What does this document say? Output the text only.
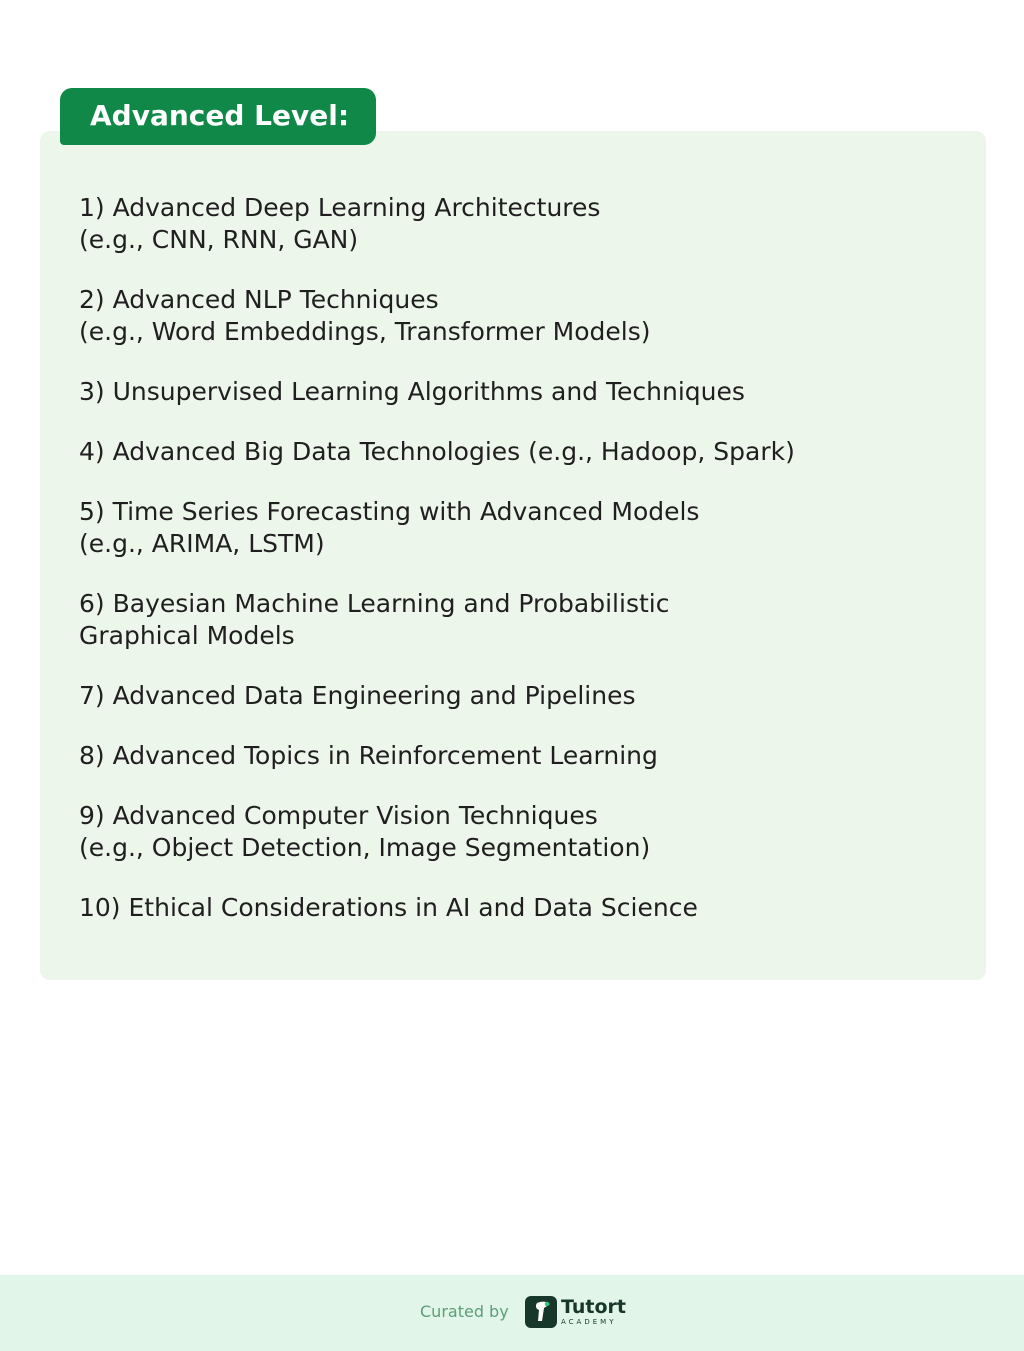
Advanced Level:
1) Advanced Deep Learning Architectures
(e.g., CNN, RNN, GAN)
2) Advanced NLP Techniques
(e.g., Word Embeddings, Transformer Models)
3) Unsupervised Learning Algorithms and Techniques
4) Advanced Big Data Technologies (e.g., Hadoop, Spark)
5) Time Series Forecasting with Advanced Models
(e.g., ARIMA, LSTM)
6) Bayesian Machine Learning and Probabilistic
Graphical Models
7) Advanced Data Engineering and Pipelines
8) Advanced Topics in Reinforcement Learning
9) Advanced Computer Vision Techniques
(e.g., Object Detection, Image Segmentation)
10) Ethical Considerations in AI and Data Science
Curated by	Tutort
ACADEMY
